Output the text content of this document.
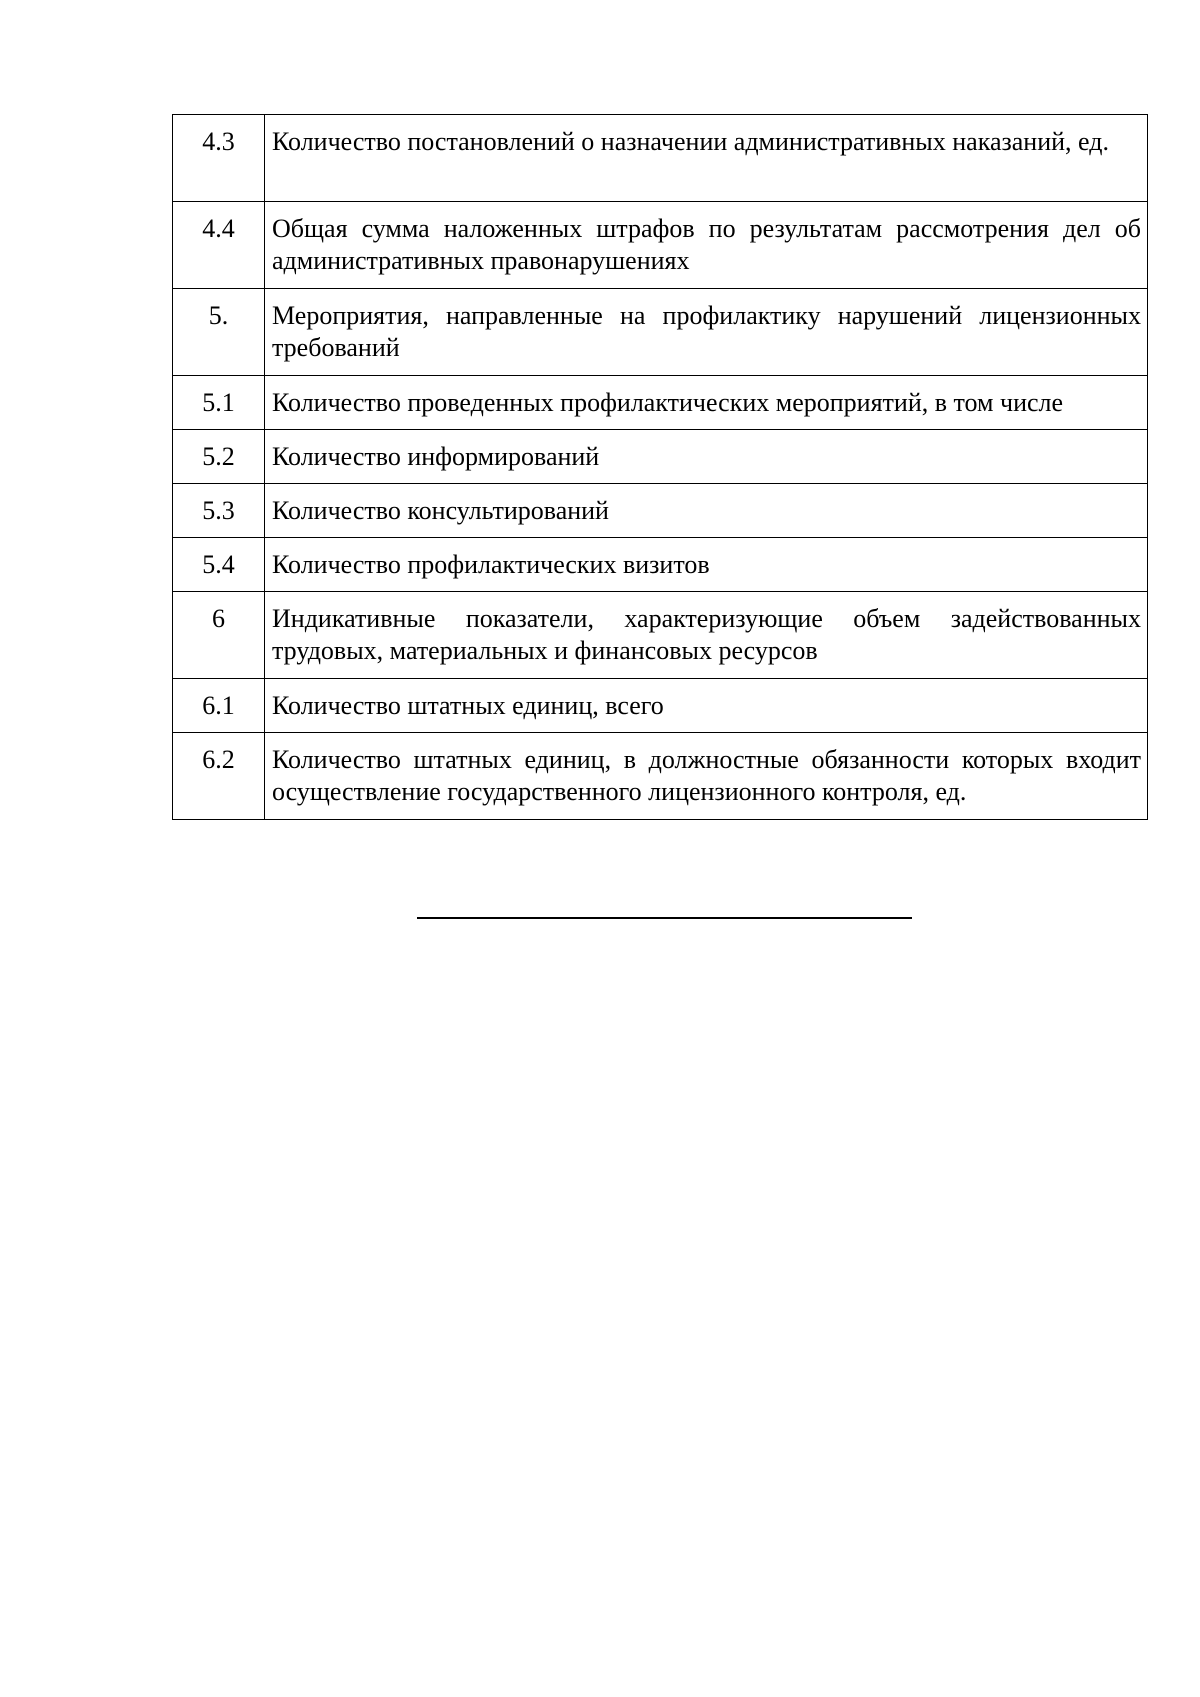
4.3	Количество постановлений о назначении административных наказаний, ед.
4.4	Общая сумма наложенных штрафов по результатам рассмотрения дел об административных правонарушениях
5.	Мероприятия, направленные на профилактику нарушений лицензионных требований
5.1	Количество проведенных профилактических мероприятий, в том числе
5.2	Количество информирований
5.3	Количество консультирований
5.4	Количество профилактических визитов
6	Индикативные показатели, характеризующие объем задействованных трудовых, материальных и финансовых ресурсов
6.1	Количество штатных единиц, всего
6.2	Количество штатных единиц, в должностные обязанности которых входит осуществление государственного лицензионного контроля, ед.
